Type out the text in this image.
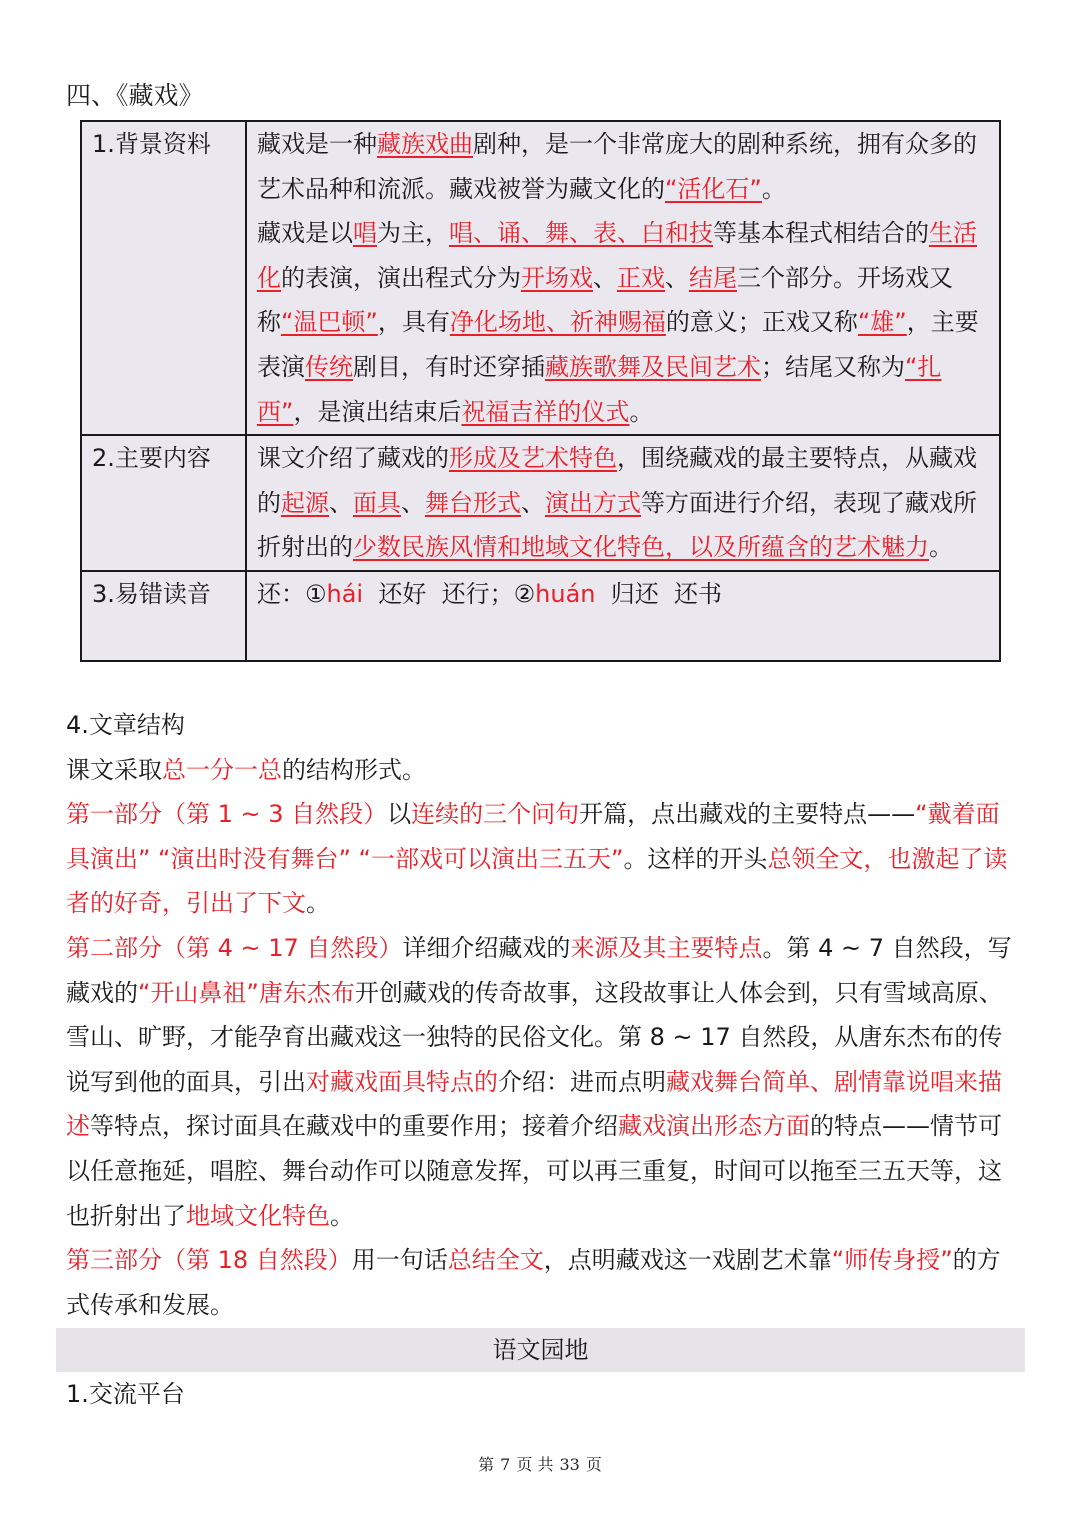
四、《藏戏》
1.背景资料	藏戏是一种藏族戏曲剧种，是一个非常庞大的剧种系统，拥有众多的艺术品种和流派。藏戏被誉为藏文化的“活化石”。
藏戏是以唱为主，唱、诵、舞、表、白和技等基本程式相结合的生活化的表演，演出程式分为开场戏、正戏、结尾三个部分。开场戏又称“温巴顿”，具有净化场地、祈神赐福的意义；正戏又称“雄”，主要表演传统剧目，有时还穿插藏族歌舞及民间艺术；结尾又称为“扎西”，是演出结束后祝福吉祥的仪式。
2.主要内容	课文介绍了藏戏的形成及艺术特色，围绕藏戏的最主要特点，从藏戏的起源、面具、舞台形式、演出方式等方面进行介绍，表现了藏戏所折射出的少数民族风情和地域文化特色，以及所蕴含的艺术魅力。
3.易错读音	还：①hái  还好  还行；②huán  归还  还书

4.文章结构

课文采取总一分一总的结构形式。

第一部分（第 1 ~ 3 自然段）以连续的三个问句开篇，点出藏戏的主要特点——“戴着面具演出” “演出时没有舞台” “一部戏可以演出三五天”。这样的开头总领全文，也激起了读者的好奇，引出了下文。

第二部分（第 4 ~ 17 自然段）详细介绍藏戏的来源及其主要特点。第 4 ~ 7 自然段，写藏戏的“开山鼻祖”唐东杰布开创藏戏的传奇故事，这段故事让人体会到，只有雪域高原、雪山、旷野，才能孕育出藏戏这一独特的民俗文化。第 8 ~ 17 自然段，从唐东杰布的传说写到他的面具，引出对藏戏面具特点的介绍：进而点明藏戏舞台简单、剧情靠说唱来描述等特点，探讨面具在藏戏中的重要作用；接着介绍藏戏演出形态方面的特点——情节可以任意拖延，唱腔、舞台动作可以随意发挥，可以再三重复，时间可以拖至三五天等，这也折射出了地域文化特色。

第三部分（第 18 自然段）用一句话总结全文，点明藏戏这一戏剧艺术靠“师传身授”的方式传承和发展。

语文园地
1.交流平台
第 7 页 共 33 页
